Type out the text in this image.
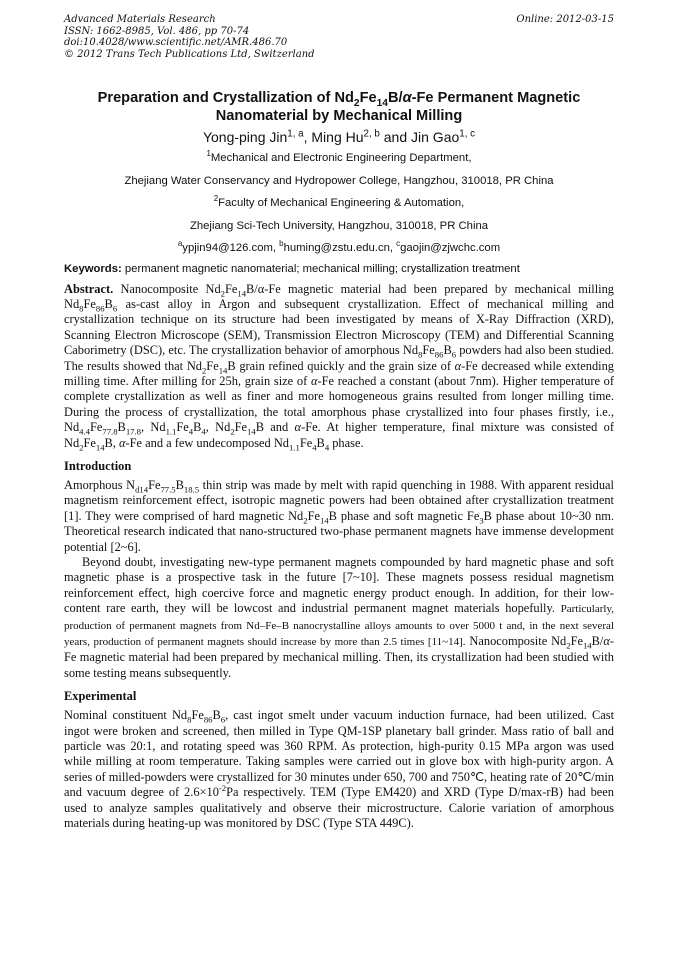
Advanced Materials Research
ISSN: 1662-8985, Vol. 486, pp 70-74
doi:10.4028/www.scientific.net/AMR.486.70
© 2012 Trans Tech Publications Ltd, Switzerland
Online: 2012-03-15
Preparation and Crystallization of $Nd_2Fe_{14}B/\alpha-Fe$ Permanent Magnetic
Nanomaterial by Mechanical Milling
Yong-ping Jin$^{1, a}$, Ming Hu$^{2, b}$ and Jin Gao$^{1, c}$
$^1$Mechanical and Electronic Engineering Department,
Zhejiang Water Conservancy and Hydropower College, Hangzhou, 310018, PR China
$^2$Faculty of Mechanical Engineering & Automation,
Zhejiang Sci-Tech University, Hangzhou, 310018, PR China
$^a$ypjin94@126.com, $^b$huming@zstu.edu.cn, $^c$gaojin@zjwchc.com
Keywords: permanent magnetic nanomaterial; mechanical milling; crystallization treatment

Abstract. Nanocomposite $Nd_2Fe_{14}B/\alpha-Fe$ magnetic material had been prepared by mechanical milling $Nd_8Fe_{86}B_6$ as-cast alloy in Argon and subsequent crystallization. Effect of mechanical milling and crystallization technique on its structure had been investigated by means of X-Ray Diffraction (XRD), Scanning Electron Microscope (SEM), Transmission Electron Microscopy (TEM) and Differential Scanning Caborimetry (DSC), etc. The crystallization behavior of amorphous $Nd_8Fe_{86}B_6$ powders had also been studied. The results showed that $Nd_2Fe_{14}B$ grain refined quickly and the grain size of α-Fe decreased while extending milling time. After milling for 25h, grain size of α-Fe reached a constant (about 7nm). Higher temperature of complete crystallization as well as finer and more homogeneous grains resulted from longer milling time. During the process of crystallization, the total amorphous phase crystallized into four phases firstly, i.e., $Nd_{4.4}Fe_{77.8}B_{17.8}$, $Nd_{1.1}Fe_4B_4$, $Nd_2Fe_{14}B$ and α-Fe. At higher temperature, final mixture was consisted of $Nd_2Fe_{14}B$, α-Fe and a few undecomposed $Nd_{1.1}Fe_4B_4$ phase.

Introduction

Amorphous $N_{d14}Fe_{77.5}B_{18.5}$ thin strip was made by melt with rapid quenching in 1988. With apparent residual magnetism reinforcement effect, isotropic magnetic powers had been obtained after crystallization treatment [1]. They were comprised of hard magnetic $Nd_2Fe_{14}B$ phase and soft magnetic $Fe_3B$ phase about 10~30 nm. Theoretical research indicated that nano-structured two-phase permanent magnets have immense development potential [2~6].

Beyond doubt, investigating new-type permanent magnets compounded by hard magnetic phase and soft magnetic phase is a prospective task in the future [7~10]. These magnets possess residual magnetism reinforcement effect, high coercive force and magnetic energy product enough. In addition, for their low-content rare earth, they will be lowcost and industrial permanent magnet materials hopefully. Particularly, production of permanent magnets from Nd–Fe–B nanocrystalline alloys amounts to over 5000 t and, in the next several years, production of permanent magnets should increase by more than 2.5 times [11~14]. Nanocomposite $Nd_2Fe_{14}B/\alpha-Fe$ magnetic material had been prepared by mechanical milling. Then, its crystallization had been studied with some testing means subsequently.

Experimental

Nominal constituent $Nd_8Fe_{86}B_6$, cast ingot smelt under vacuum induction furnace, had been utilized. Cast ingot were broken and screened, then milled in Type QM-1SP planetary ball grinder. Mass ratio of ball and particle was 20:1, and rotating speed was 360 RPM. As protection, high-purity 0.15 MPa argon was used while milling at room temperature. Taking samples were carried out in glove box with high-purity argon. A series of milled-powders were crystallized for 30 minutes under 650, 700 and 750℃, heating rate of 20℃/min and vacuum degree of $2.6\times 10^{-2}Pa$ respectively. TEM (Type EM420) and XRD (Type D/max-rB) had been used to analyze samples qualitatively and observe their microstructure. Calorie variation of amorphous materials during heating-up was monitored by DSC (Type STA 449C).
